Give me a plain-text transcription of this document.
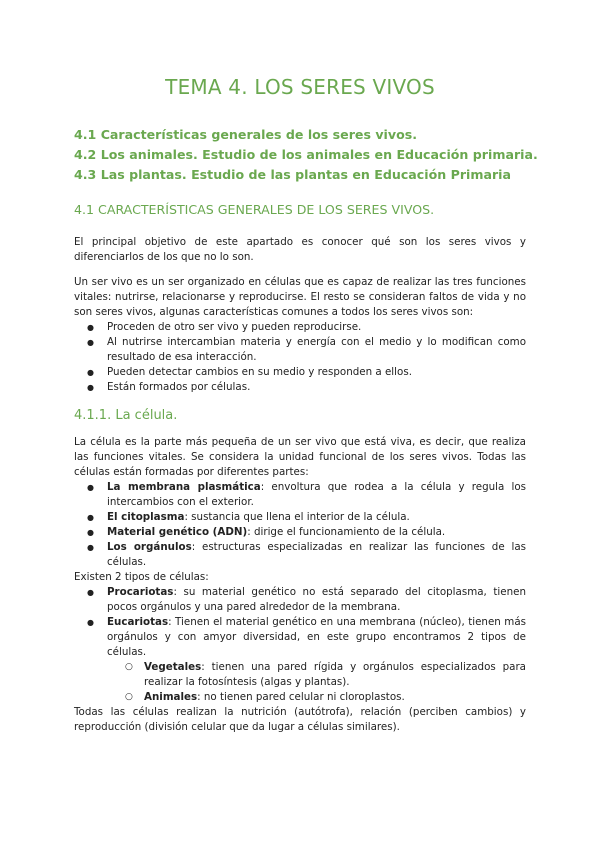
TEMA 4. LOS SERES VIVOS
4.1 Características generales de los seres vivos.
4.2 Los animales. Estudio de los animales en Educación primaria.
4.3 Las plantas. Estudio de las plantas en Educación Primaria
4.1 CARACTERÍSTICAS GENERALES DE LOS SERES VIVOS.

El principal objetivo de este apartado es conocer qué son los seres vivos y diferenciarlos de los que no lo son.

Un ser vivo es un ser organizado en células que es capaz de realizar las tres funciones vitales: nutrirse, relacionarse y reproducirse. El resto se consideran faltos de vida y no son seres vivos, algunas características comunes a todos los seres vivos son:

● Proceden de otro ser vivo y pueden reproducirse.
● Al nutrirse intercambian materia y energía con el medio y lo modifican como resultado de esa interacción.
● Pueden detectar cambios en su medio y responden a ellos.
● Están formados por células.
4.1.1. La célula.

La célula es la parte más pequeña de un ser vivo que está viva, es decir, que realiza las funciones vitales. Se considera la unidad funcional de los seres vivos. Todas las células están formadas por diferentes partes:

● La membrana plasmática: envoltura que rodea a la célula y regula los intercambios con el exterior.
● El citoplasma: sustancia que llena el interior de la célula.
● Material genético (ADN): dirige el funcionamiento de la célula.
● Los orgánulos: estructuras especializadas en realizar las funciones de las células.

Existen 2 tipos de células:

● Procariotas: su material genético no está separado del citoplasma, tienen pocos orgánulos y una pared alrededor de la membrana.
● Eucariotas: Tienen el material genético en una membrana (núcleo), tienen más orgánulos y con amyor diversidad, en este grupo encontramos 2 tipos de células.
○ Vegetales: tienen una pared rígida y orgánulos especializados para realizar la fotosíntesis (algas y plantas).
○ Animales: no tienen pared celular ni cloroplastos.

Todas las células realizan la nutrición (autótrofa), relación (perciben cambios) y reproducción (división celular que da lugar a células similares).
